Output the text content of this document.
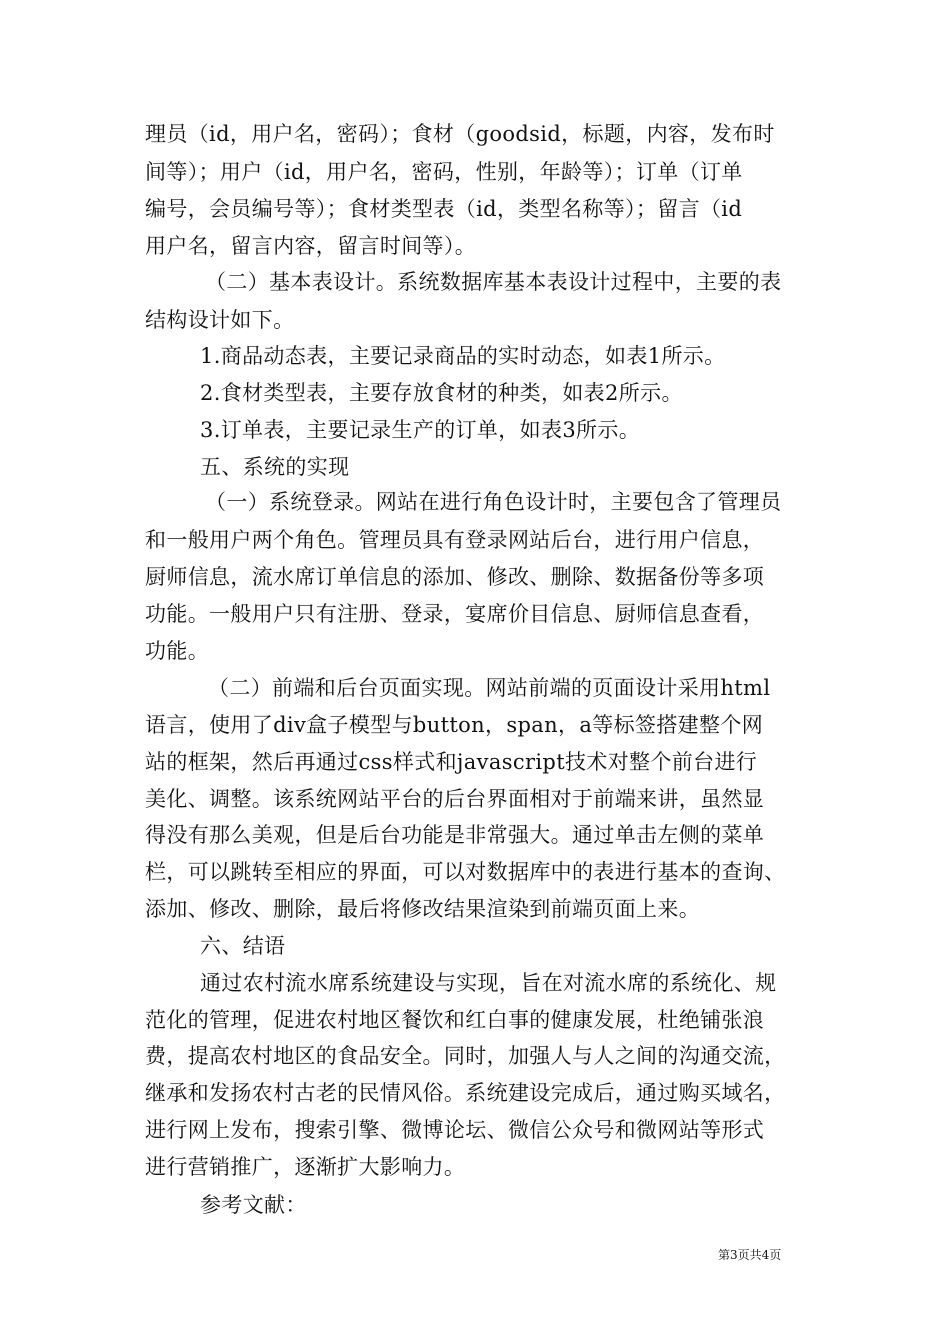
理员（id，用户名，密码）；食材（goodsid，标题，内容，发布时
间等）；用户（id，用户名，密码，性别，年龄等）；订单（订单
编号，会员编号等）；食材类型表（id，类型名称等）；留言（id
用户名，留言内容，留言时间等）。
（二）基本表设计。系统数据库基本表设计过程中，主要的表
结构设计如下。
1.商品动态表，主要记录商品的实时动态，如表1所示。
2.食材类型表，主要存放食材的种类，如表2所示。
3.订单表，主要记录生产的订单，如表3所示。
五、系统的实现
（一）系统登录。网站在进行角色设计时，主要包含了管理员
和一般用户两个角色。管理员具有登录网站后台，进行用户信息，
厨师信息，流水席订单信息的添加、修改、删除、数据备份等多项
功能。一般用户只有注册、登录，宴席价目信息、厨师信息查看，
功能。
（二）前端和后台页面实现。网站前端的页面设计采用html
语言，使用了div盒子模型与button，span，a等标签搭建整个网
站的框架，然后再通过css样式和javascript技术对整个前台进行
美化、调整。该系统网站平台的后台界面相对于前端来讲，虽然显
得没有那么美观，但是后台功能是非常强大。通过单击左侧的菜单
栏，可以跳转至相应的界面，可以对数据库中的表进行基本的查询、
添加、修改、删除，最后将修改结果渲染到前端页面上来。
六、结语
通过农村流水席系统建设与实现，旨在对流水席的系统化、规
范化的管理，促进农村地区餐饮和红白事的健康发展，杜绝铺张浪
费，提高农村地区的食品安全。同时，加强人与人之间的沟通交流，
继承和发扬农村古老的民情风俗。系统建设完成后，通过购买域名，
进行网上发布，搜索引擎、微博论坛、微信公众号和微网站等形式
进行营销推广，逐渐扩大影响力。
参考文献：
第3页共4页
